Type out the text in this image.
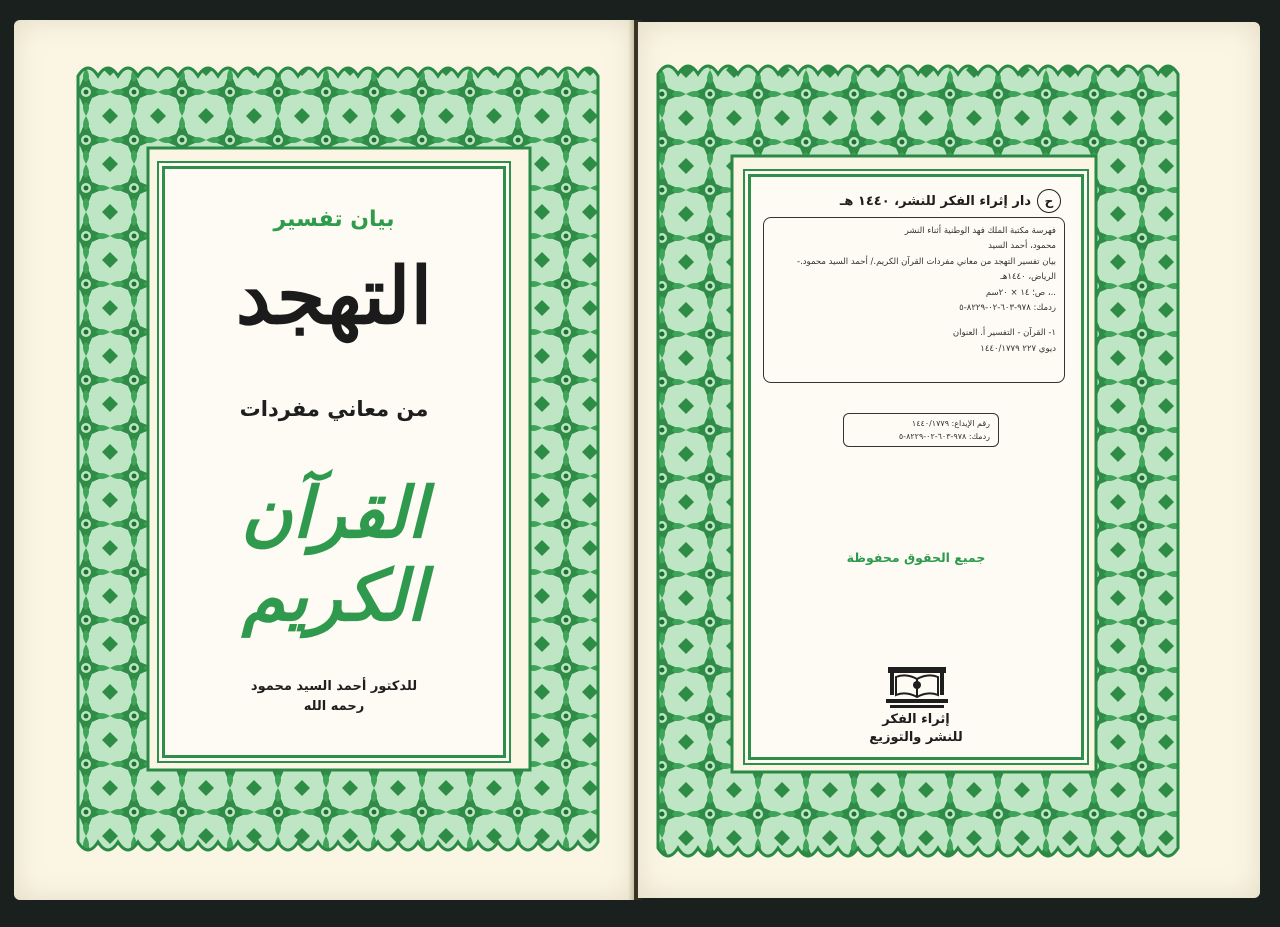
بيان تفسير
التهجد
من معاني مفردات
القرآن الكريم
للدكتور أحمد السيد محمود
رحمه الله
ح
دار إثراء الفكر للنشر، ١٤٤٠ هـ
فهرسة مكتبة الملك فهد الوطنية أثناء النشر
محمود، أحمد السيد
بيان تفسير التهجد من معاني مفردات القرآن الكريم./ أحمد السيد محمود.-
الرياض، ١٤٤٠هـ
..، ص؛ ١٤ × ٢٠سم
ردمك: ٩٧٨-٦٠٣-٠٢-٨٢٢٩-٥
١- القرآن - التفسير أ. العنوان
ديوي ٢٢٧ ١٤٤٠/١٧٧٩
رقم الإيداع: ١٤٤٠/١٧٧٩
ردمك: ٩٧٨-٦٠٣-٠٢-٨٢٢٩-٥
جميع الحقوق محفوظة
إثراء الفكر
للنشر والتوزيع
